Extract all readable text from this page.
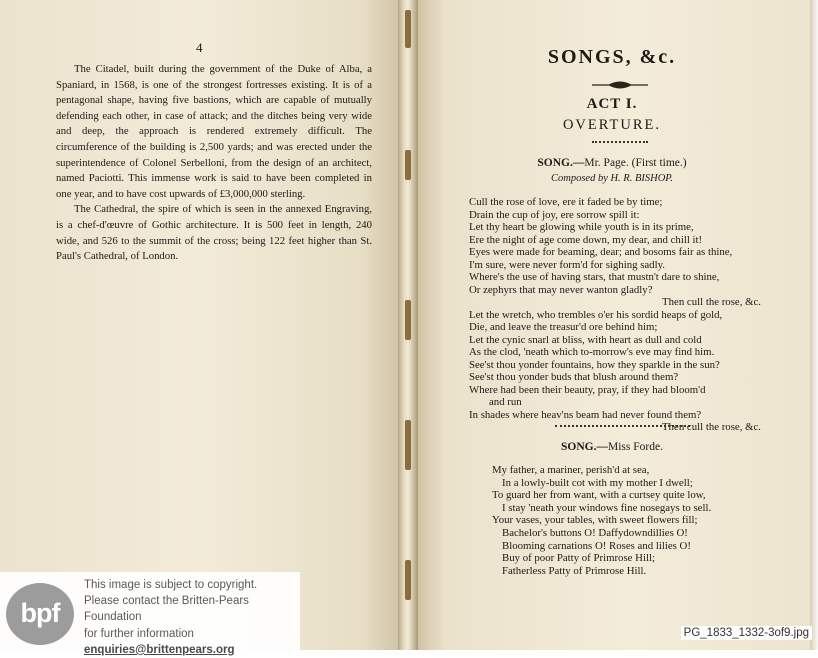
4

The Citadel, built during the government of the Duke of Alba, a Spaniard, in 1568, is one of the strongest fortresses existing. It is of a pentagonal shape, having five bastions, which are capable of mutually defending each other, in case of attack; and the ditches being very wide and deep, the approach is rendered extremely difficult. The circumference of the building is 2,500 yards; and was erected under the superintendence of Colonel Serbelloni, from the design of an architect, named Paciotti. This immense work is said to have been completed in one year, and to have cost upwards of £3,000,000 sterling.

The Cathedral, the spire of which is seen in the annexed Engraving, is a chef-d'œuvre of Gothic architecture. It is 500 feet in length, 240 wide, and 526 to the summit of the cross; being 122 feet higher than St. Paul's Cathedral, of London.

SONGS, &c.
ACT I.
OVERTURE.
SONG.—Mr. Page. (First time.)
Composed by H. R. BISHOP.
Cull the rose of love, ere it faded be by time;
Drain the cup of joy, ere sorrow spill it:
Let thy heart be glowing while youth is in its prime,
Ere the night of age come down, my dear, and chill it!
Eyes were made for beaming, dear; and bosoms fair as thine,
I'm sure, were never form'd for sighing sadly.
Where's the use of having stars, that mustn't dare to shine,
Or zephyrs that may never wanton gladly?
Then cull the rose, &c.
Let the wretch, who trembles o'er his sordid heaps of gold,
Die, and leave the treasur'd ore behind him;
Let the cynic snarl at bliss, with heart as dull and cold
As the clod, 'neath which to-morrow's eve may find him.
See'st thou yonder fountains, how they sparkle in the sun?
See'st thou yonder buds that blush around them?
Where had been their beauty, pray, if they had bloom'd
and run
In shades where heav'ns beam had never found them?
Then cull the rose, &c.
SONG.—Miss Forde.
My father, a mariner, perish'd at sea,
In a lowly-built cot with my mother I dwell;
To guard her from want, with a curtsey quite low,
I stay 'neath your windows fine nosegays to sell.
Your vases, your tables, with sweet flowers fill;
Bachelor's buttons O! Daffydowndillies O!
Blooming carnations O! Roses and lilies O!
Buy of poor Patty of Primrose Hill;
Fatherless Patty of Primrose Hill.
bpf
This image is subject to copyright.
Please contact the Britten-Pears Foundation
for further information
enquiries@brittenpears.org
PG_1833_1332-3of9.jpg
